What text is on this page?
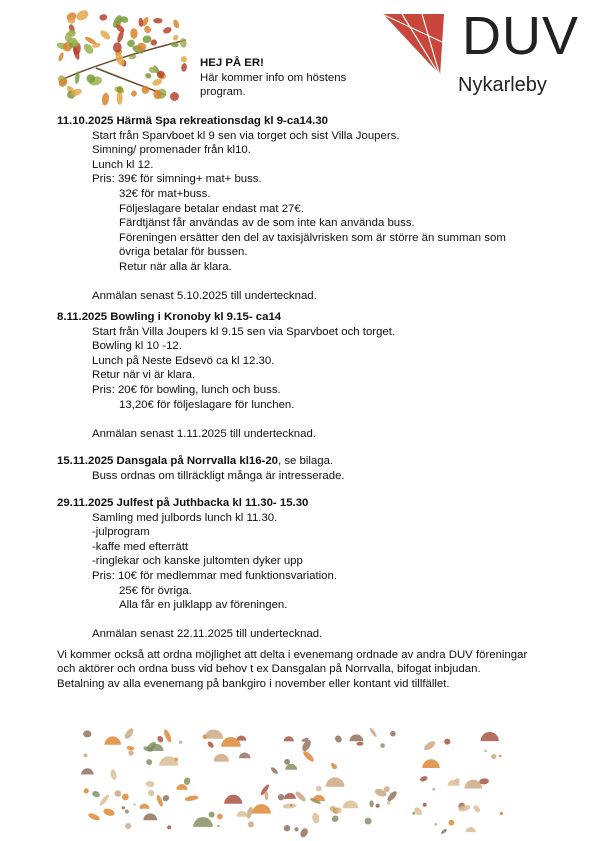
DUV
Nykarleby
HEJ PÅ ER!
Här kommer info om höstens
program.
11.10.2025 Härmä Spa rekreationsdag kl 9-ca14.30
Start från Sparvboet kl 9 sen via torget och sist Villa Joupers.
Simning/ promenader från kl10.
Lunch kl 12.
Pris: 39€ för simning+ mat+ buss.
32€ för mat+buss.
Följeslagare betalar endast mat 27€.
Färdtjänst får användas av de som inte kan använda buss.
Föreningen ersätter den del av taxisjälvrisken som är större än summan som
övriga betalar för bussen.
Retur när alla är klara.
Anmälan senast 5.10.2025 till undertecknad.
8.11.2025 Bowling i Kronoby kl 9.15- ca14
Start från Villa Joupers kl 9.15 sen via Sparvboet och torget.
Bowling kl 10 -12.
Lunch på Neste Edsevö ca kl 12.30.
Retur när vi är klara.
Pris: 20€ för bowling, lunch och buss.
13,20€ för följeslagare för lunchen.
Anmälan senast 1.11.2025 till undertecknad.
15.11.2025 Dansgala på Norrvalla kl16-20, se bilaga.
Buss ordnas om tillräckligt många är intresserade.
29.11.2025 Julfest på Juthbacka kl 11.30- 15.30
Samling med julbords lunch kl 11.30.
-julprogram
-kaffe med efterrätt
-ringlekar och kanske jultomten dyker upp
Pris: 10€ för medlemmar med funktionsvariation.
25€ för övriga.
Alla får en julklapp av föreningen.
Anmälan senast 22.11.2025 till undertecknad.

Vi kommer också att ordna möjlighet att delta i evenemang ordnade av andra DUV föreningar och aktörer och ordna buss vid behov t ex Dansgalan på Norrvalla, bifogat inbjudan.

Betalning av alla evenemang på bankgiro i november eller kontant vid tillfället.
